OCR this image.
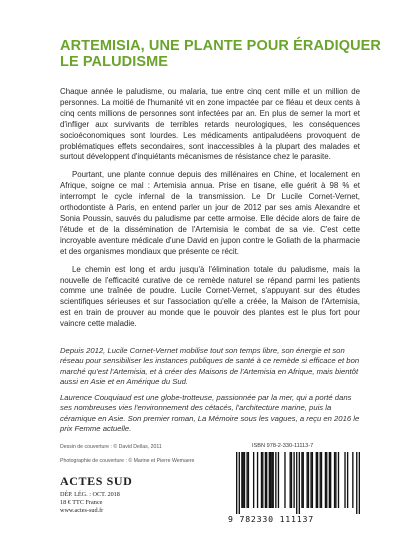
ARTEMISIA, UNE PLANTE POUR ÉRADIQUER
LE PALUDISME

Chaque année le paludisme, ou malaria, tue entre cinq cent mille et un million de personnes. La moitié de l'humanité vit en zone impactée par ce fléau et deux cents à cinq cents millions de personnes sont infectées par an. En plus de semer la mort et d'infliger aux survivants de terribles retards neurologiques, les conséquences socioéconomiques sont lourdes. Les médicaments antipaludéens provoquent de problématiques effets secondaires, sont inaccessibles à la plupart des malades et surtout développent d'inquiétants mécanismes de résistance chez le parasite.

Pourtant, une plante connue depuis des millénaires en Chine, et localement en Afrique, soigne ce mal : Artemisia annua. Prise en tisane, elle guérit à 98 % et interrompt le cycle infernal de la transmission. Le Dr Lucile Cornet-Vernet, orthodontiste à Paris, en entend parler un jour de 2012 par ses amis Alexandre et Sonia Poussin, sauvés du paludisme par cette armoise. Elle décide alors de faire de l'étude et de la dissémination de l'Artemisia le combat de sa vie. C'est cette incroyable aventure médicale d'une David en jupon contre le Goliath de la pharmacie et des organismes mondiaux que présente ce récit.

Le chemin est long et ardu jusqu'à l'élimination totale du paludisme, mais la nouvelle de l'efficacité curative de ce remède naturel se répand parmi les patients comme une traînée de poudre. Lucile Cornet-Vernet, s'appuyant sur des études scientifiques sérieuses et sur l'association qu'elle a créée, la Maison de l'Artemisia, est en train de prouver au monde que le pouvoir des plantes est le plus fort pour vaincre cette maladie.

Depuis 2012, Lucile Cornet-Vernet mobilise tout son temps libre, son énergie et son réseau pour sensibiliser les instances publiques de santé à ce remède si efficace et bon marché qu'est l'Artemisia, et à créer des Maisons de l'Artemisia en Afrique, mais bientôt aussi en Asie et en Amérique du Sud.

Laurence Couquiaud est une globe-trotteuse, passionnée par la mer, qui a porté dans ses nombreuses vies l'environnement des cétacés, l'architecture marine, puis la céramique en Asie. Son premier roman, La Mémoire sous les vagues, a reçu en 2016 le prix Femme actuelle.

Dessin de couverture : © David Dellas, 2011
Photographie de couverture : © Marine et Pierre Wemaere
ACTES SUD
DÉP. LÉG. : OCT. 2018
18 € TTC France
www.actes-sud.fr
ISBN 978-2-330-11113-7
9 782330 111137
